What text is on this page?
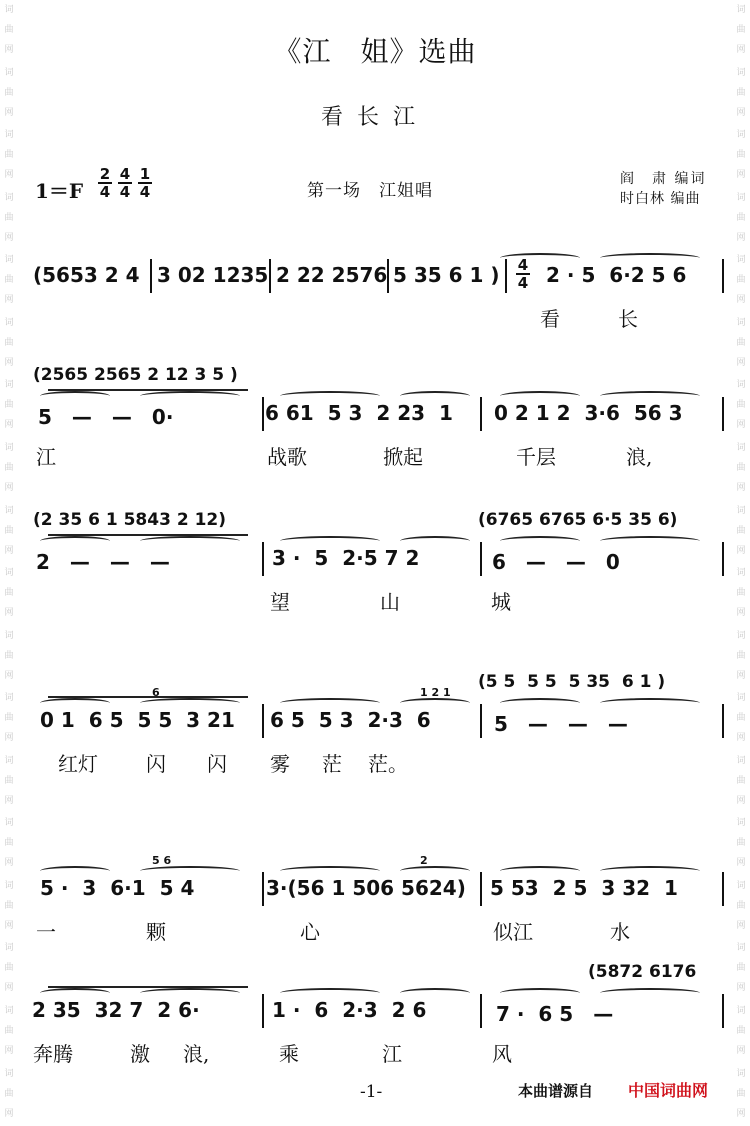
词
曲
网
词
曲
网
词
曲
网
词
曲
网
词
曲
网
词
曲
网
词
曲
网
词
曲
网
词
曲
网
词
曲
网
词
曲
网
词
曲
网
词
曲
网
词
曲
网
词
曲
网
词
曲
网
词
曲
网
词
曲
网
词
曲
网
词
曲
网
词
曲
网
词
曲
网
词
曲
网
词
曲
网
词
曲
网
词
曲
网
词
曲
网
词
曲
网
词
曲
网
词
曲
网
词
曲
网
词
曲
网
词
曲
网
词
曲
网
词
曲
网
词
曲
网
《江　姐》选曲
看长江
1＝F
2
4
4
4
1
4	第一场　江姐唱
阎　肃 编词
时白林 编曲
4
4
(5653 2 4 3 02 1235 2 22 2576 5 35 6 1 ) 2 · 5  6·2 5 6
看	长
(2565 2565 2 12 3 5 )
5　—　—　0·	6 61  5 3  2 23  1 0 2 1 2  3·6  56 3
江	战歌	掀起	千层	浪,
(2 35 6 1 5843 2 12)	(6765 6765 6·5 35 6)
2　—　—　—	3 ·  5  2·5 7 2	6　—　—　0
望	山	城
(5 5  5 5  5 35  6 1 )
0 1  6 5  5 5  3 21 6 5  5 3  2·3  6	5　—　—　—
6	1 2 1
红灯 闪 闪 雾 茫 茫。
5 ·  3  6·1  5 4	3·(56 1 506 5624) 5 53  2 5  3 32  1
5 6	2
一	颗	心	似江	水
(5872 6176
2 35  32 7  2 6·	1 ·  6  2·3  2 6	7 ·  6 5　—
奔腾	激 浪,	乘	江	风
-1-	本曲谱源自 中国词曲网
